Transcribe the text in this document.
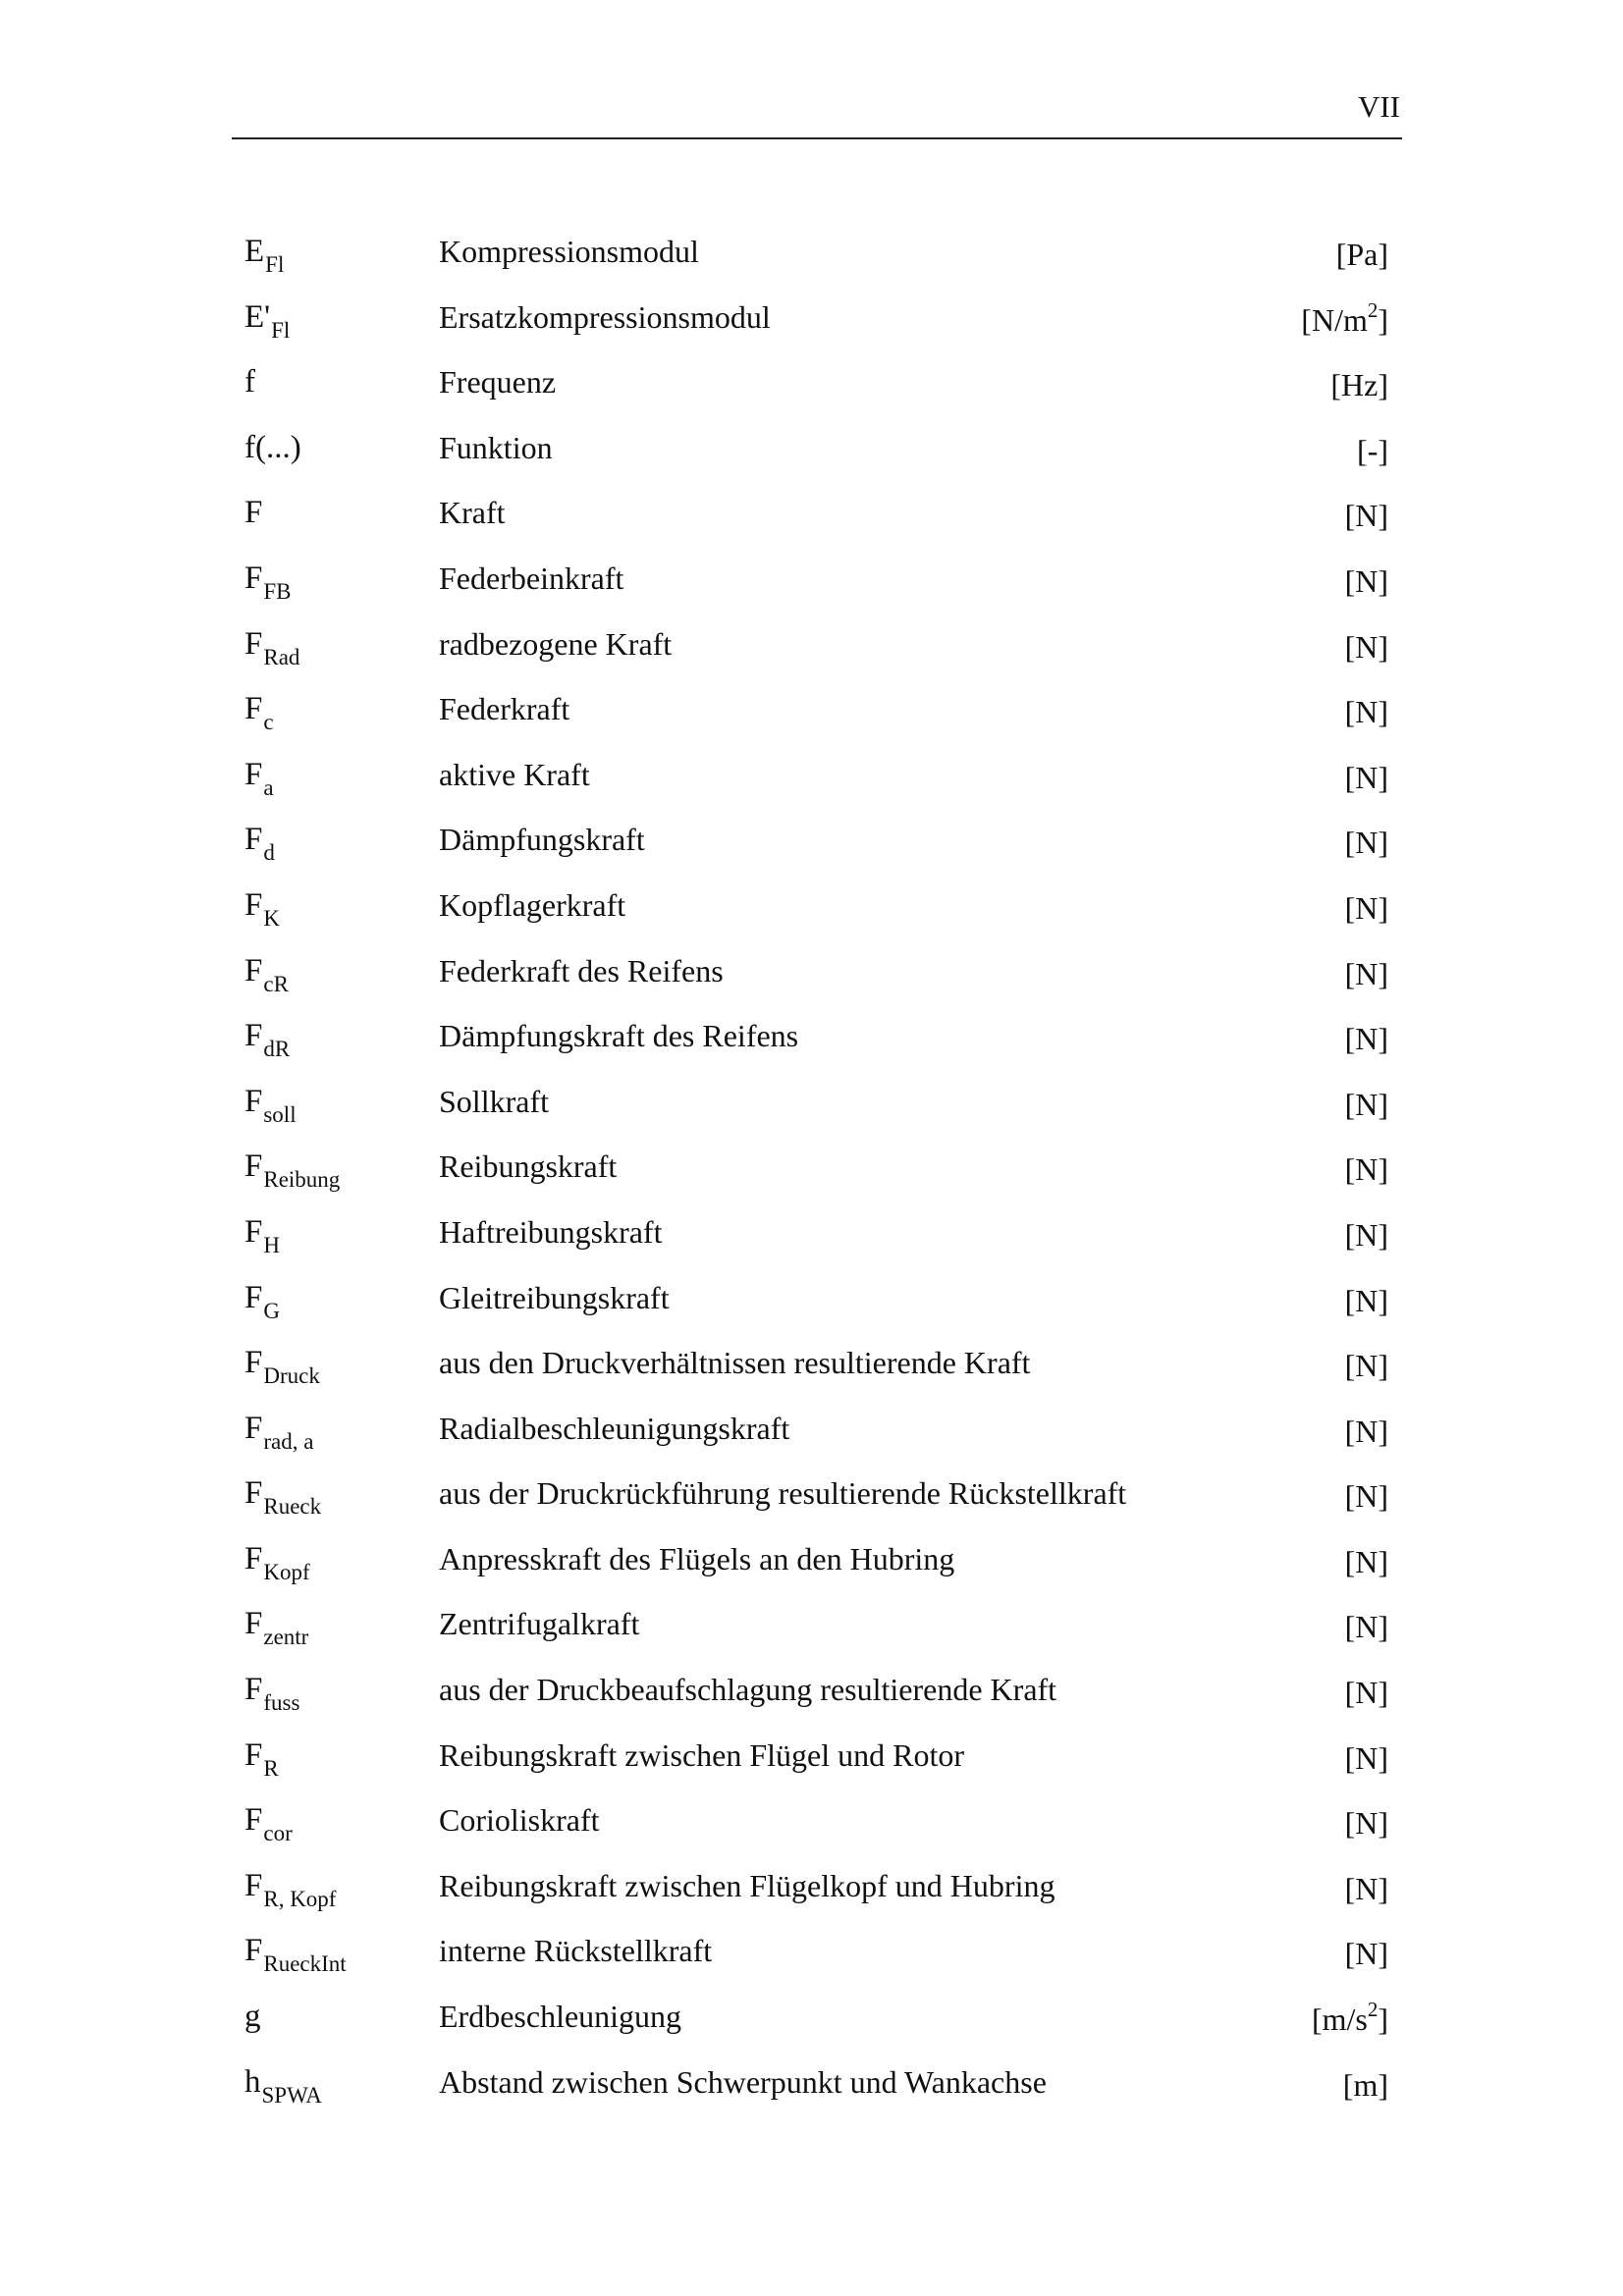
VII
$E_{Fl}$	Kompressionsmodul	[Pa]
$E'_{Fl}$	Ersatzkompressionsmodul	$[N/m^2]$
f	Frequenz	[Hz]
f(...)	Funktion	[-]
F	Kraft	[N]
$F_{FB}$	Federbeinkraft	[N]
$F_{Rad}$	radbezogene Kraft	[N]
$F_c$	Federkraft	[N]
$F_a$	aktive Kraft	[N]
$F_d$	Dämpfungskraft	[N]
$F_K$	Kopflagerkraft	[N]
$F_{cR}$	Federkraft des Reifens	[N]
$F_{dR}$	Dämpfungskraft des Reifens	[N]
$F_{soll}$	Sollkraft	[N]
$F_{Reibung}$	Reibungskraft	[N]
$F_H$	Haftreibungskraft	[N]
$F_G$	Gleitreibungskraft	[N]
$F_{Druck}$	aus den Druckverhältnissen resultierende Kraft	[N]
$F_{rad, a}$	Radialbeschleunigungskraft	[N]
$F_{Rueck}$	aus der Druckrückführung resultierende Rückstellkraft	[N]
$F_{Kopf}$	Anpresskraft des Flügels an den Hubring	[N]
$F_{zentr}$	Zentrifugalkraft	[N]
$F_{fuss}$	aus der Druckbeaufschlagung resultierende Kraft	[N]
$F_R$	Reibungskraft zwischen Flügel und Rotor	[N]
$F_{cor}$	Corioliskraft	[N]
$F_{R, Kopf}$	Reibungskraft zwischen Flügelkopf und Hubring	[N]
$F_{RueckInt}$	interne Rückstellkraft	[N]
g	Erdbeschleunigung	$[m/s^2]$
$h_{SPWA}$	Abstand zwischen Schwerpunkt und Wankachse	[m]
